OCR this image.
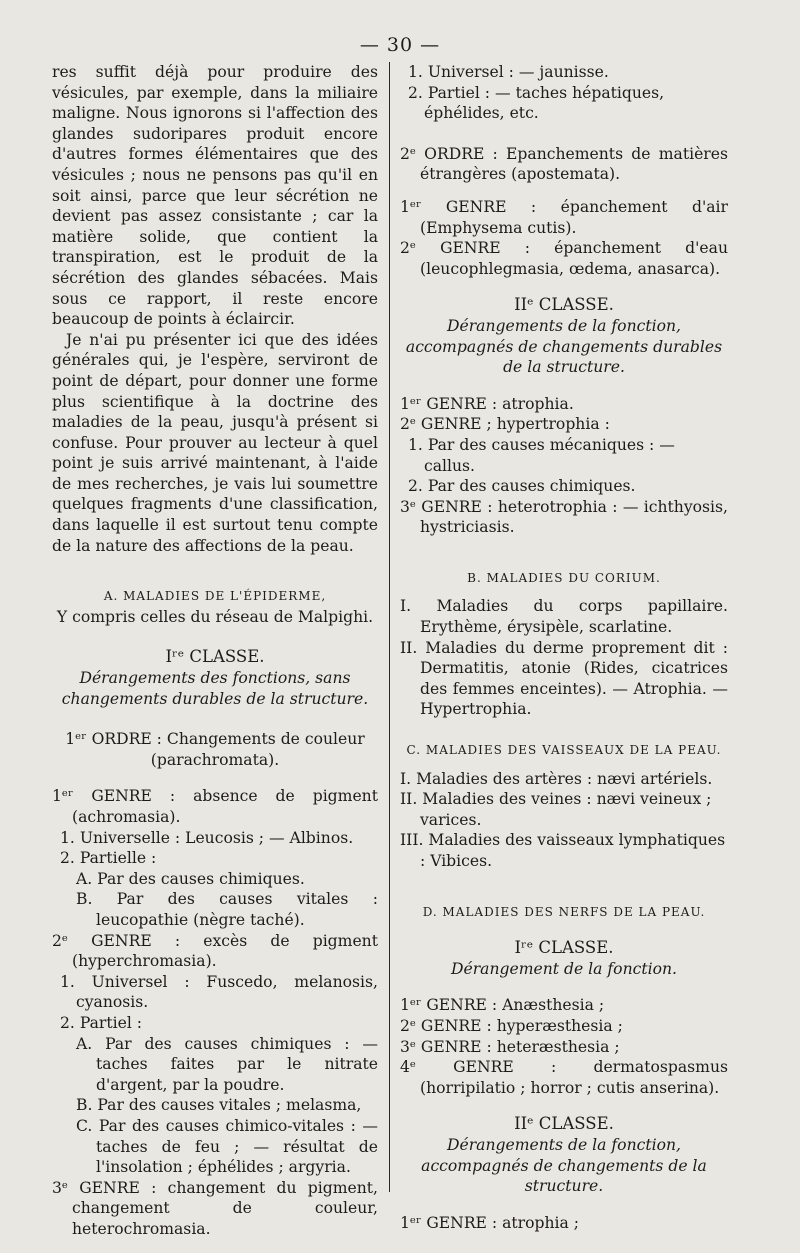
— 30 —

res suffit déjà pour produire des vésicules, par exemple, dans la miliaire maligne. Nous ignorons si l'affection des glandes sudoripares produit encore d'autres formes élémentaires que des vésicules ; nous ne pensons pas qu'il en soit ainsi, parce que leur sécrétion ne devient pas assez consistante ; car la matière solide, que contient la transpiration, est le produit de la sécrétion des glandes sébacées. Mais sous ce rapport, il reste encore beaucoup de points à éclaircir.

Je n'ai pu présenter ici que des idées générales qui, je l'espère, serviront de point de départ, pour donner une forme plus scientifique à la doctrine des maladies de la peau, jusqu'à présent si confuse. Pour prouver au lecteur à quel point je suis arrivé maintenant, à l'aide de mes recherches, je vais lui soumettre quelques fragments d'une classification, dans laquelle il est surtout tenu compte de la nature des affections de la peau.

A. MALADIES DE L'ÉPIDERME,

Y compris celles du réseau de Malpighi.

Iʳᵉ CLASSE.

Dérangements des fonctions, sans changements durables de la structure.

1ᵉʳ ORDRE : Changements de couleur (parachromata).

1ᵉʳ GENRE : absence de pigment (achromasia).

1. Universelle : Leucosis ; — Albinos.

2. Partielle :

A. Par des causes chimiques.

B. Par des causes vitales : leucopathie (nègre taché).

2ᵉ GENRE : excès de pigment (hyperchromasia).

1. Universel : Fuscedo, melanosis, cyanosis.

2. Partiel :

A. Par des causes chimiques : — taches faites par le nitrate d'argent, par la poudre.

B. Par des causes vitales ; melasma,

C. Par des causes chimico-vitales : — taches de feu ; — résultat de l'insolation ; éphélides ; argyria.

3ᵉ GENRE : changement du pigment, changement de couleur, heterochromasia.

1. Universel : — jaunisse.

2. Partiel : — taches hépatiques, éphélides, etc.

2ᵉ ORDRE : Epanchements de matières étrangères (apostemata).

1ᵉʳ GENRE : épanchement d'air (Emphysema cutis).

2ᵉ GENRE : épanchement d'eau (leucophlegmasia, œdema, anasarca).

IIᵉ CLASSE.

Dérangements de la fonction, accompagnés de changements durables de la structure.

1ᵉʳ GENRE : atrophia.

2ᵉ GENRE ; hypertrophia :

1. Par des causes mécaniques : — callus.

2. Par des causes chimiques.

3ᵉ GENRE : heterotrophia : — ichthyosis, hystriciasis.

B. MALADIES DU CORIUM.

I. Maladies du corps papillaire. Erythème, érysipèle, scarlatine.

II. Maladies du derme proprement dit : Dermatitis, atonie (Rides, cicatrices des femmes enceintes). — Atrophia. — Hypertrophia.

C. MALADIES DES VAISSEAUX DE LA PEAU.

I. Maladies des artères : nævi artériels.

II. Maladies des veines : nævi veineux ; varices.

III. Maladies des vaisseaux lymphatiques : Vibices.

D. MALADIES DES NERFS DE LA PEAU.

Iʳᵉ CLASSE.

Dérangement de la fonction.

1ᵉʳ GENRE : Anæsthesia ;

2ᵉ GENRE : hyperæsthesia ;

3ᵉ GENRE : heteræsthesia ;

4ᵉ GENRE : dermatospasmus (horripilatio ; horror ; cutis anserina).

IIᵉ CLASSE.

Dérangements de la fonction, accompagnés de changements de la structure.

1ᵉʳ GENRE : atrophia ;
